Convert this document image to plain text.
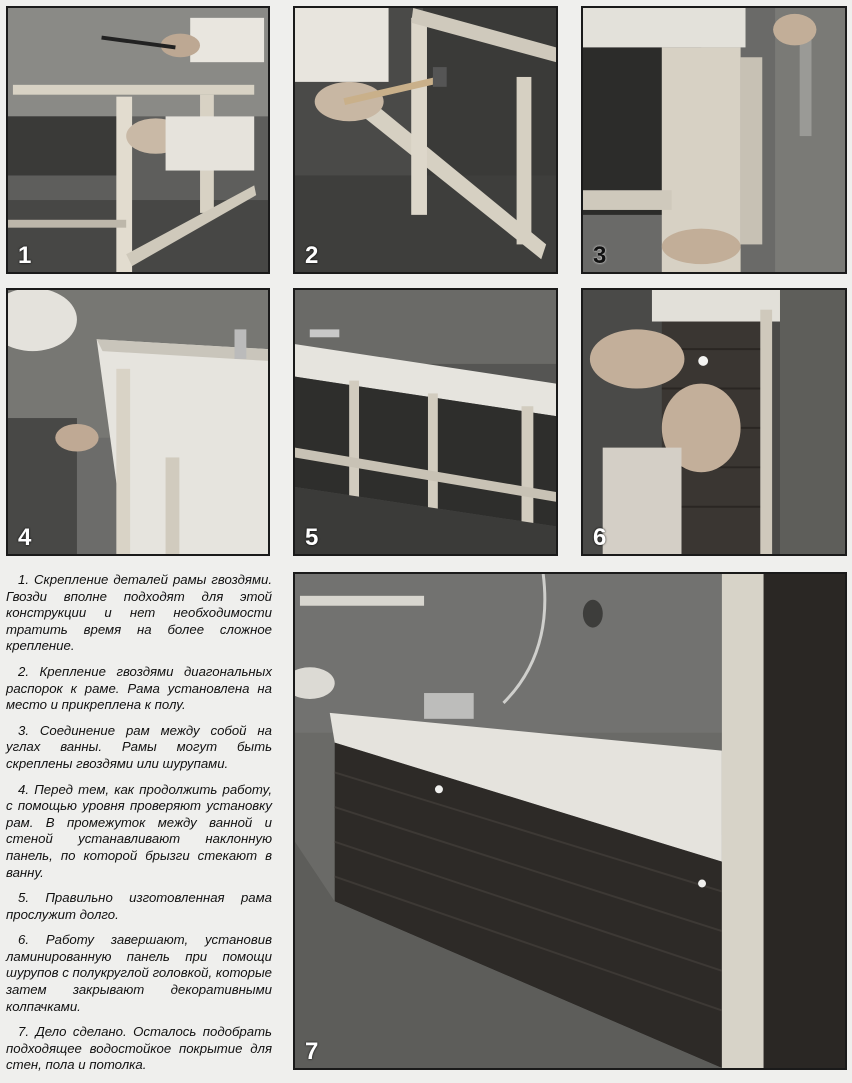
1	2	3
4	5	6
7

1. Скрепление деталей рамы гвоздями. Гвозди вполне подходят для этой конструкции и нет необходимости тратить время на более сложное крепление.

2. Крепление гвоздями диагональных распорок к раме. Рама установлена на место и прикреплена к полу.

3. Соединение рам между собой на углах ванны. Рамы могут быть скреплены гвоздями или шурупами.

4. Перед тем, как продолжить работу, с помощью уровня проверяют установку рам. В промежуток между ванной и стеной устанавливают наклонную панель, по которой брызги стекают в ванну.

5. Правильно изготовленная рама прослужит долго.

6. Работу завершают, установив ламинированную панель при помощи шурупов с полукруглой головкой, которые затем закрывают декоративными колпачками.

7. Дело сделано. Осталось подобрать подходящее водостойкое покрытие для стен, пола и потолка.
